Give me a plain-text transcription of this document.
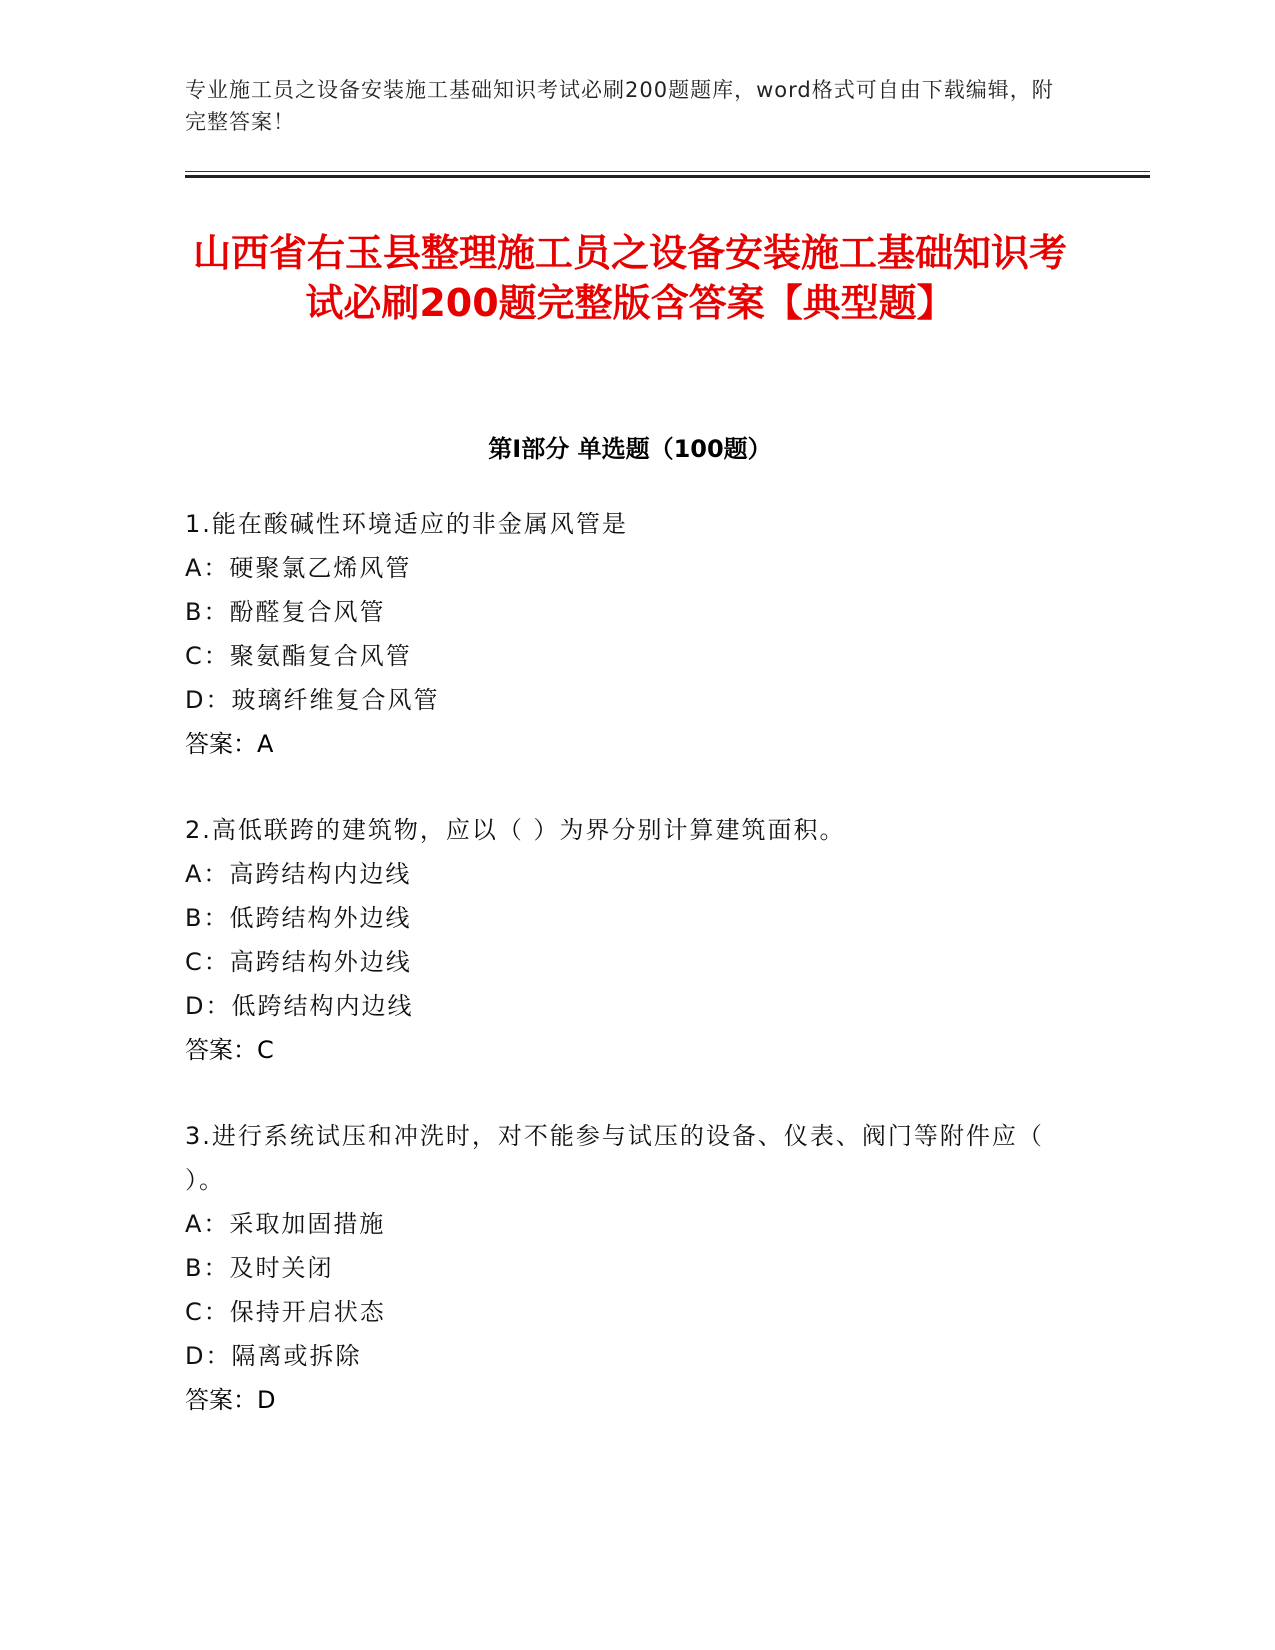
专业施工员之设备安装施工基础知识考试必刷200题题库，word格式可自由下载编辑，附完整答案！

山西省右玉县整理施工员之设备安装施工基础知识考试必刷200题完整版含答案【典型题】
第Ⅰ部分 单选题（100题）

1.能在酸碱性环境适应的非金属风管是

A：硬聚氯乙烯风管

B：酚醛复合风管

C：聚氨酯复合风管

D：玻璃纤维复合风管

答案：A

2.高低联跨的建筑物，应以（ ）为界分别计算建筑面积。

A：高跨结构内边线

B：低跨结构外边线

C：高跨结构外边线

D：低跨结构内边线

答案：C

3.进行系统试压和冲洗时，对不能参与试压的设备、仪表、阀门等附件应（ ）。

A：采取加固措施

B：及时关闭

C：保持开启状态

D：隔离或拆除

答案：D
